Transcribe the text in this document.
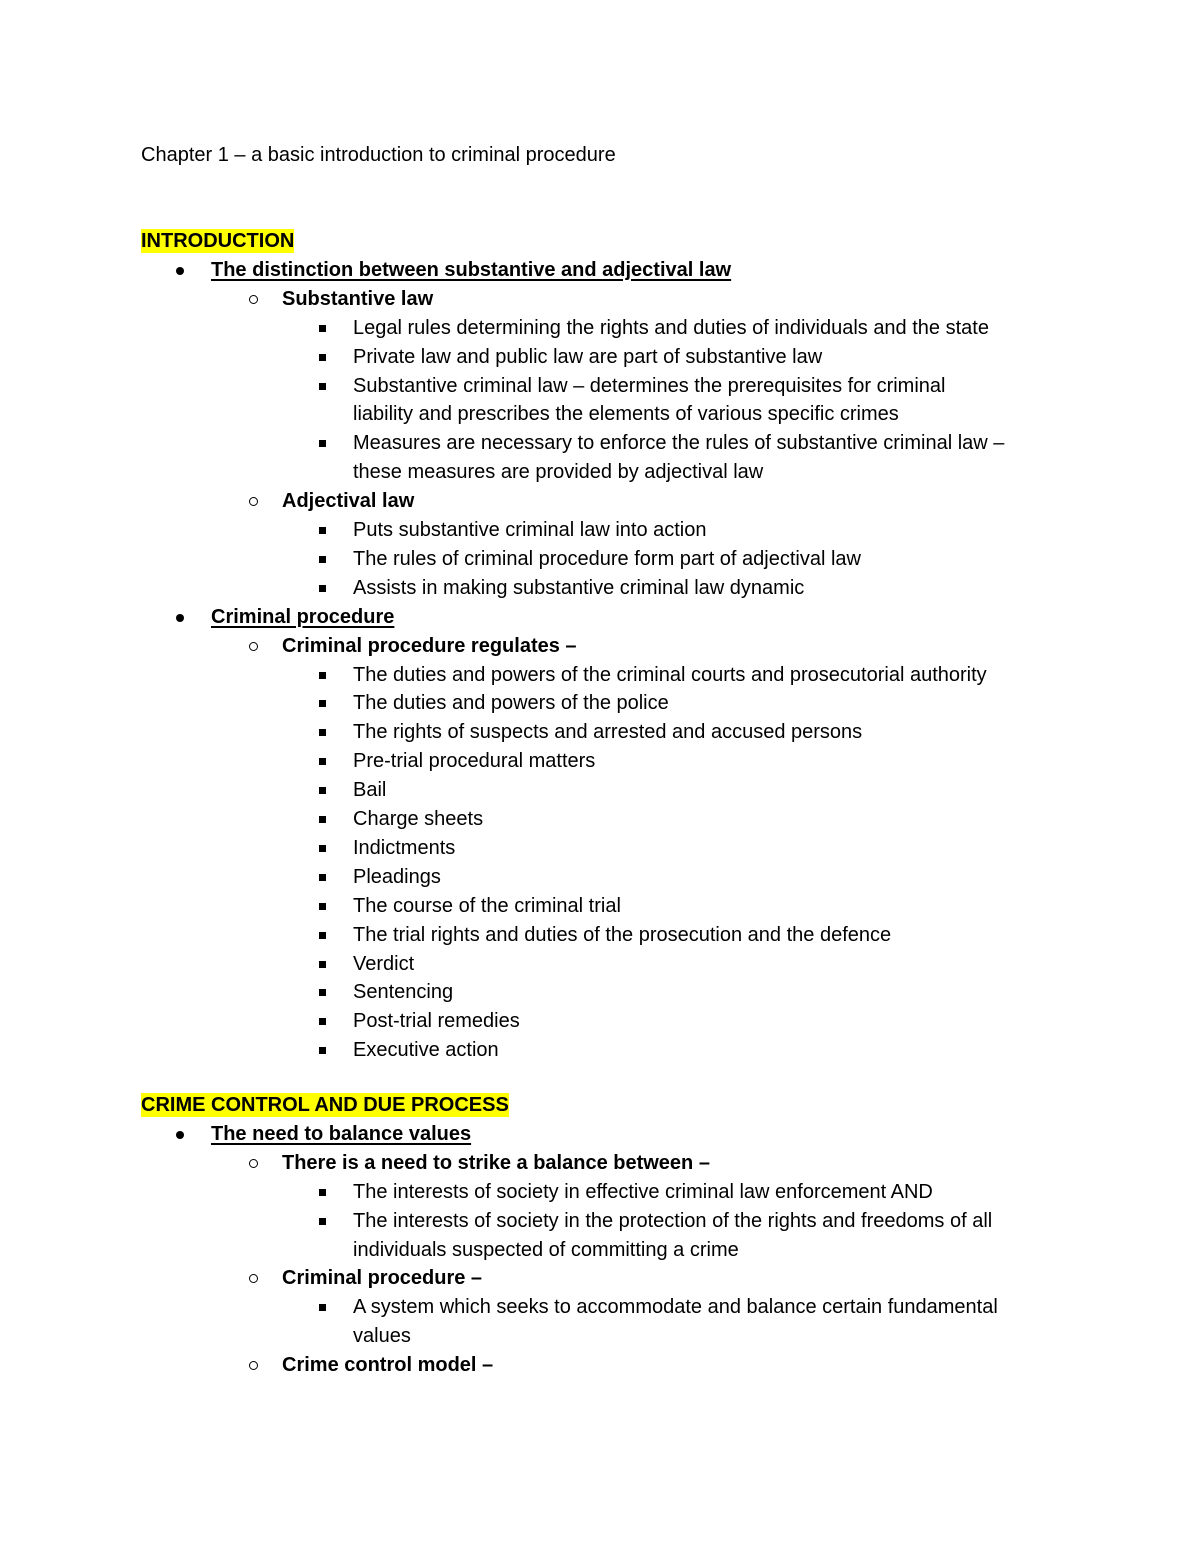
Chapter 1 – a basic introduction to criminal procedure
INTRODUCTION
The distinction between substantive and adjectival law
Substantive law
Legal rules determining the rights and duties of individuals and the state
Private law and public law are part of substantive law
Substantive criminal law – determines the prerequisites for criminal
liability and prescribes the elements of various specific crimes
Measures are necessary to enforce the rules of substantive criminal law –
these measures are provided by adjectival law
Adjectival law
Puts substantive criminal law into action
The rules of criminal procedure form part of adjectival law
Assists in making substantive criminal law dynamic
Criminal procedure
Criminal procedure regulates –
The duties and powers of the criminal courts and prosecutorial authority
The duties and powers of the police
The rights of suspects and arrested and accused persons
Pre-trial procedural matters
Bail
Charge sheets
Indictments
Pleadings
The course of the criminal trial
The trial rights and duties of the prosecution and the defence
Verdict
Sentencing
Post-trial remedies
Executive action
CRIME CONTROL AND DUE PROCESS
The need to balance values
There is a need to strike a balance between –
The interests of society in effective criminal law enforcement AND
The interests of society in the protection of the rights and freedoms of all
individuals suspected of committing a crime
Criminal procedure –
A system which seeks to accommodate and balance certain fundamental
values
Crime control model –
